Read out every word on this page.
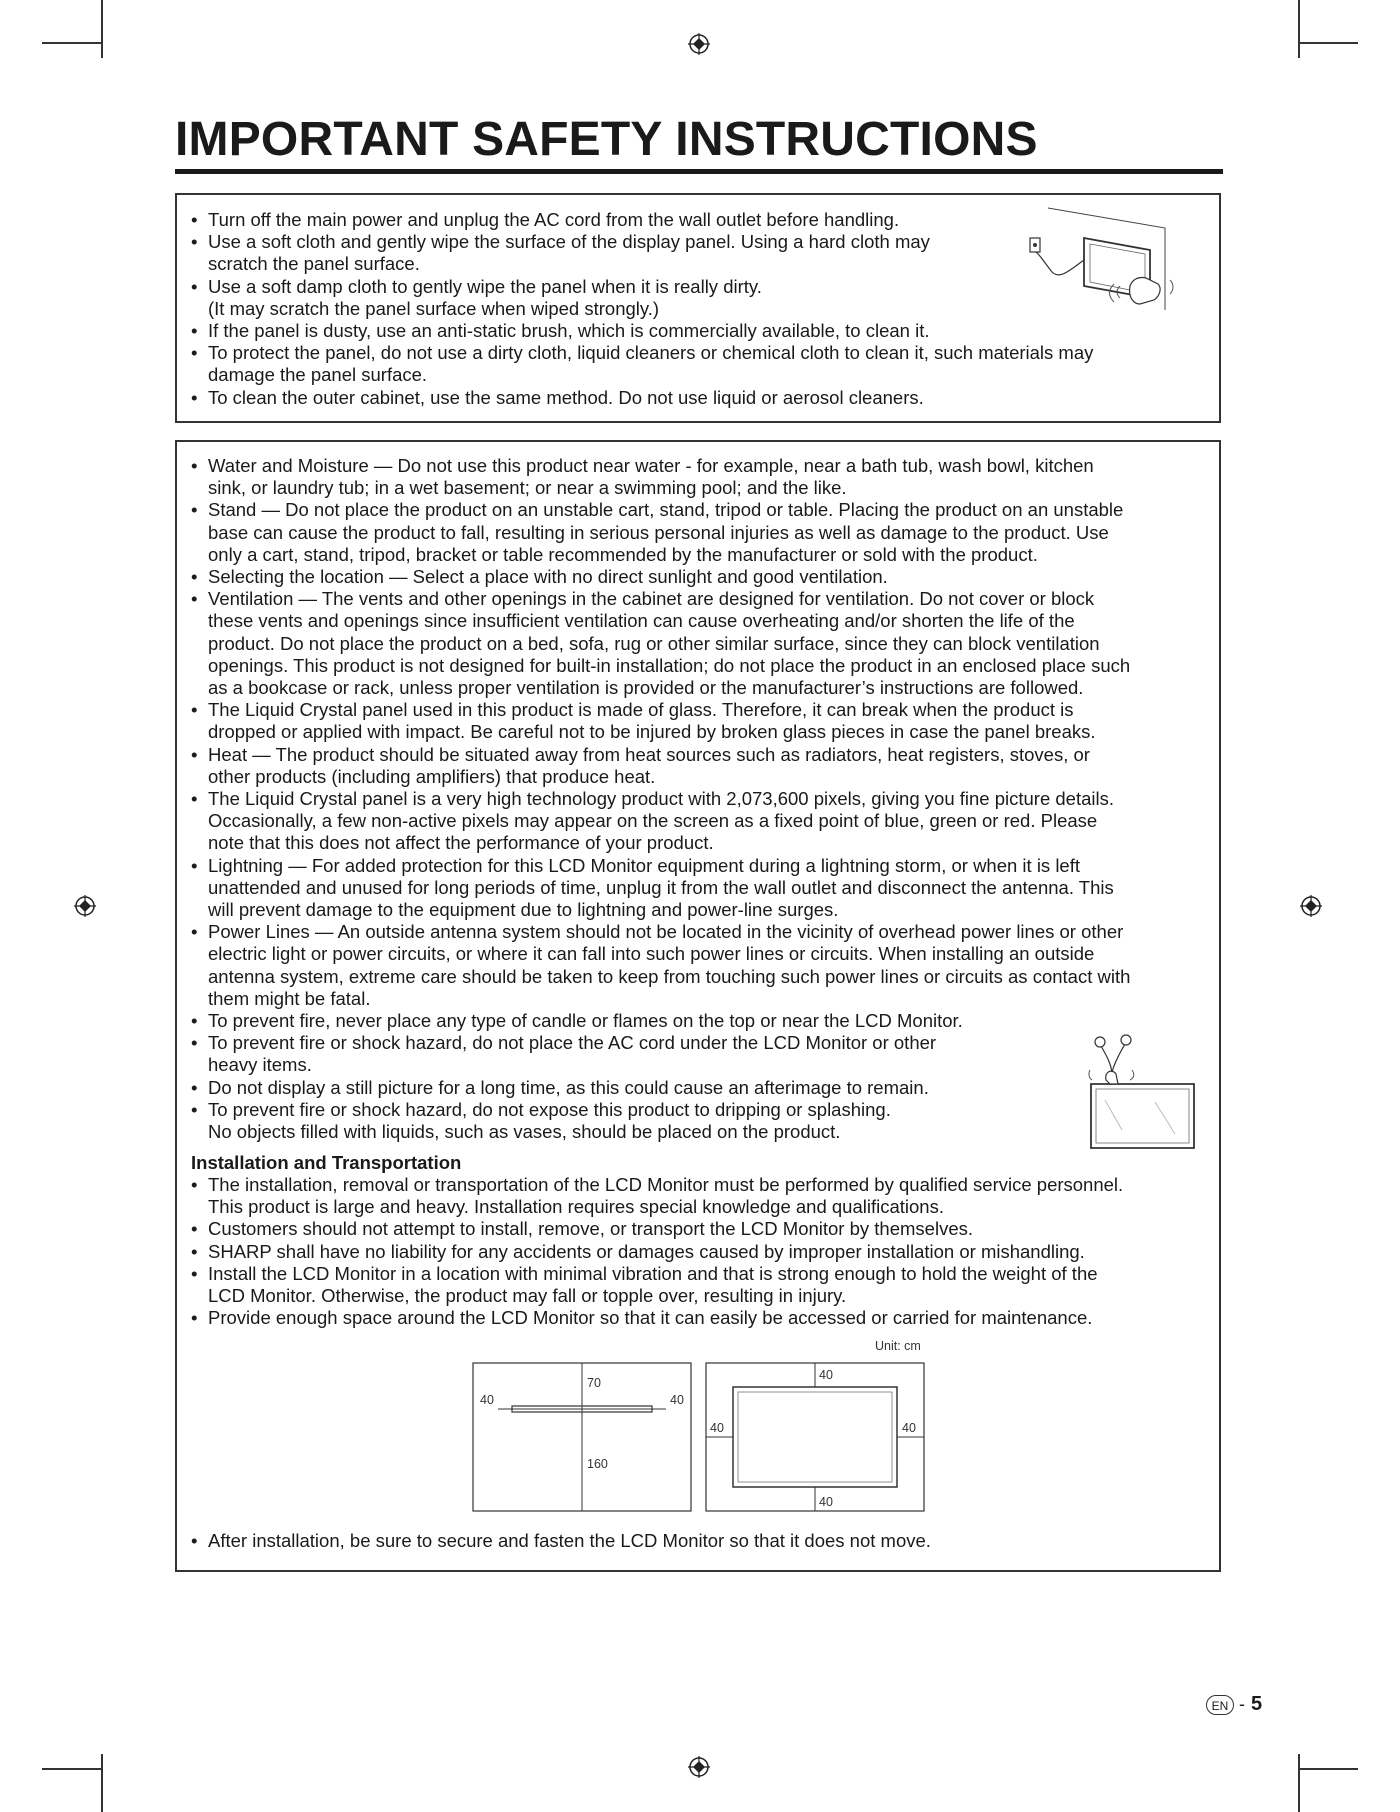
IMPORTANT SAFETY INSTRUCTIONS
• Turn off the main power and unplug the AC cord from the wall outlet before handling.
• Use a soft cloth and gently wipe the surface of the display panel. Using a hard cloth may
scratch the panel surface.
• Use a soft damp cloth to gently wipe the panel when it is really dirty.
(It may scratch the panel surface when wiped strongly.)
• If the panel is dusty, use an anti-static brush, which is commercially available, to clean it.
• To protect the panel, do not use a dirty cloth, liquid cleaners or chemical cloth to clean it, such materials may
damage the panel surface.
• To clean the outer cabinet, use the same method. Do not use liquid or aerosol cleaners.
• Water and Moisture — Do not use this product near water - for example, near a bath tub, wash bowl, kitchen
sink, or laundry tub; in a wet basement; or near a swimming pool; and the like.
• Stand — Do not place the product on an unstable cart, stand, tripod or table. Placing the product on an unstable
base can cause the product to fall, resulting in serious personal injuries as well as damage to the product. Use
only a cart, stand, tripod, bracket or table recommended by the manufacturer or sold with the product.
• Selecting the location — Select a place with no direct sunlight and good ventilation.
• Ventilation — The vents and other openings in the cabinet are designed for ventilation. Do not cover or block
these vents and openings since insufficient ventilation can cause overheating and/or shorten the life of the
product. Do not place the product on a bed, sofa, rug or other similar surface, since they can block ventilation
openings. This product is not designed for built-in installation; do not place the product in an enclosed place such
as a bookcase or rack, unless proper ventilation is provided or the manufacturer’s instructions are followed.
• The Liquid Crystal panel used in this product is made of glass. Therefore, it can break when the product is
dropped or applied with impact. Be careful not to be injured by broken glass pieces in case the panel breaks.
• Heat — The product should be situated away from heat sources such as radiators, heat registers, stoves, or
other products (including amplifiers) that produce heat.
• The Liquid Crystal panel is a very high technology product with 2,073,600 pixels, giving you fine picture details.
Occasionally, a few non-active pixels may appear on the screen as a fixed point of blue, green or red. Please
note that this does not affect the performance of your product.
• Lightning — For added protection for this LCD Monitor equipment during a lightning storm, or when it is left
unattended and unused for long periods of time, unplug it from the wall outlet and disconnect the antenna. This
will prevent damage to the equipment due to lightning and power-line surges.
• Power Lines — An outside antenna system should not be located in the vicinity of overhead power lines or other
electric light or power circuits, or where it can fall into such power lines or circuits. When installing an outside
antenna system, extreme care should be taken to keep from touching such power lines or circuits as contact with
them might be fatal.
• To prevent fire, never place any type of candle or flames on the top or near the LCD Monitor.
• To prevent fire or shock hazard, do not place the AC cord under the LCD Monitor or other
heavy items.
• Do not display a still picture for a long time, as this could cause an afterimage to remain.
• To prevent fire or shock hazard, do not expose this product to dripping or splashing.
No objects filled with liquids, such as vases, should be placed on the product.
Installation and Transportation
• The installation, removal or transportation of the LCD Monitor must be performed by qualified service personnel.
This product is large and heavy. Installation requires special knowledge and qualifications.
• Customers should not attempt to install, remove, or transport the LCD Monitor by themselves.
• SHARP shall have no liability for any accidents or damages caused by improper installation or mishandling.
• Install the LCD Monitor in a location with minimal vibration and that is strong enough to hold the weight of the
LCD Monitor. Otherwise, the product may fall or topple over, resulting in injury.
• Provide enough space around the LCD Monitor so that it can easily be accessed or carried for maintenance.
• After installation, be sure to secure and fasten the LCD Monitor so that it does not move.
Unit: cm
40	40
70
160
40
40
40	40
EN - 5
